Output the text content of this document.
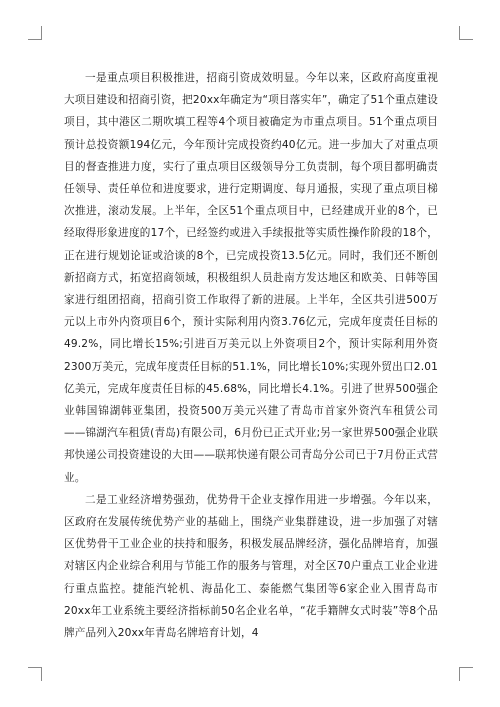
一是重点项目积极推进，招商引资成效明显。今年以来，区政府高度重视大项目建设和招商引资，把20xx年确定为“项目落实年”，确定了51个重点建设项目，其中港区二期吹填工程等4个项目被确定为市重点项目。51个重点项目预计总投资额194亿元，今年预计完成投资约40亿元。进一步加大了对重点项目的督查推进力度，实行了重点项目区级领导分工负责制，每个项目都明确责任领导、责任单位和进度要求，进行定期调度、每月通报，实现了重点项目梯次推进，滚动发展。上半年，全区51个重点项目中，已经建成开业的8个，已经取得形象进度的17个，已经签约或进入手续报批等实质性操作阶段的18个，正在进行规划论证或洽谈的8个，已完成投资13.5亿元。同时，我们还不断创新招商方式，拓宽招商领域，积极组织人员赴南方发达地区和欧美、日韩等国家进行组团招商，招商引资工作取得了新的进展。上半年，全区共引进500万元以上市外内资项目6个，预计实际利用内资3.76亿元，完成年度责任目标的49.2%，同比增长15%;引进百万美元以上外资项目2个，预计实际利用外资2300万美元，完成年度责任目标的51.1%，同比增长10%;实现外贸出口2.01亿美元，完成年度责任目标的45.68%，同比增长4.1%。引进了世界500强企业韩国锦湖韩亚集团，投资500万美元兴建了青岛市首家外资汽车租赁公司——锦湖汽车租赁(青岛)有限公司，6月份已正式开业;另一家世界500强企业联邦快递公司投资建设的大田——联邦快递有限公司青岛分公司已于7月份正式营业。

二是工业经济增势强劲，优势骨干企业支撑作用进一步增强。今年以来，区政府在发展传统优势产业的基础上，围绕产业集群建设，进一步加强了对辖区优势骨干工业企业的扶持和服务，积极发展品牌经济，强化品牌培育，加强对辖区内企业综合利用与节能工作的服务与管理，对全区70户重点工业企业进行重点监控。捷能汽轮机、海晶化工、泰能燃气集团等6家企业入围青岛市20xx年工业系统主要经济指标前50名企业名单，“花手籍牌女式时装”等8个品牌产品列入20xx年青岛名牌培育计划，4
